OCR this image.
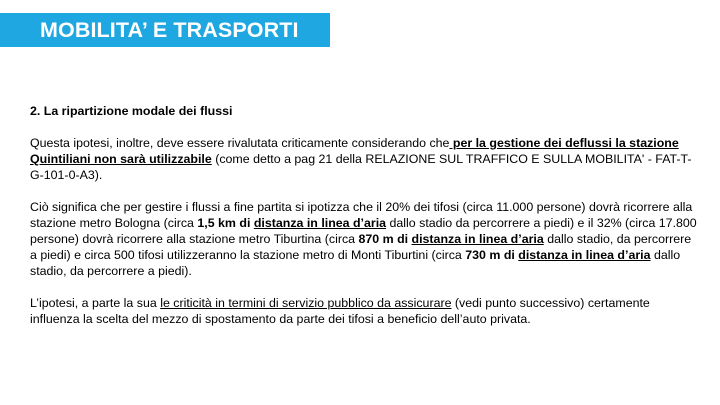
MOBILITA’ E TRASPORTI

2. La ripartizione modale dei flussi

Questa ipotesi, inoltre, deve essere rivalutata criticamente considerando che per la gestione dei deflussi la stazione Quintiliani non sarà utilizzabile (come detto a pag 21 della RELAZIONE SUL TRAFFICO E SULLA MOBILITA' - FAT-T-G-101-0-A3).

Ciò significa che per gestire i flussi a fine partita si ipotizza che il 20% dei tifosi (circa 11.000 persone) dovrà ricorrere alla stazione metro Bologna (circa 1,5 km di distanza in linea d’aria dallo stadio da percorrere a piedi) e il 32% (circa 17.800 persone) dovrà ricorrere alla stazione metro Tiburtina (circa 870 m di distanza in linea d’aria dallo stadio, da percorrere a piedi) e circa 500 tifosi utilizzeranno la stazione metro di Monti Tiburtini (circa 730 m di distanza in linea d’aria dallo stadio, da percorrere a piedi).

L’ipotesi, a parte la sua le criticità in termini di servizio pubblico da assicurare (vedi punto successivo) certamente influenza la scelta del mezzo di spostamento da parte dei tifosi a beneficio dell’auto privata.
